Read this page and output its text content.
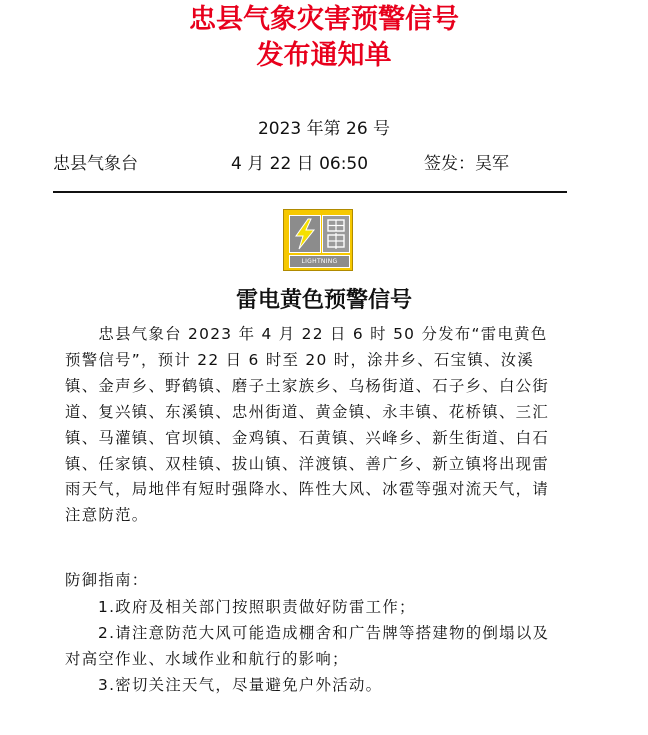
忠县气象灾害预警信号
发布通知单
2023 年第 26 号
忠县气象台	4 月 22 日 06:50	签发：吴军
LIGHTNING
雷电黄色预警信号
　　忠县气象台 2023 年 4 月 22 日 6 时 50 分发布“雷电黄色预警信号”，预计 22 日 6 时至 20 时，涂井乡、石宝镇、汝溪镇、金声乡、野鹤镇、磨子土家族乡、乌杨街道、石子乡、白公街道、复兴镇、东溪镇、忠州街道、黄金镇、永丰镇、花桥镇、三汇镇、马灌镇、官坝镇、金鸡镇、石黄镇、兴峰乡、新生街道、白石镇、任家镇、双桂镇、拔山镇、洋渡镇、善广乡、新立镇将出现雷雨天气，局地伴有短时强降水、阵性大风、冰雹等强对流天气，请注意防范。
防御指南：
1.政府及相关部门按照职责做好防雷工作；
2.请注意防范大风可能造成棚舍和广告牌等搭建物的倒塌以及对高空作业、水域作业和航行的影响；
3.密切关注天气，尽量避免户外活动。
